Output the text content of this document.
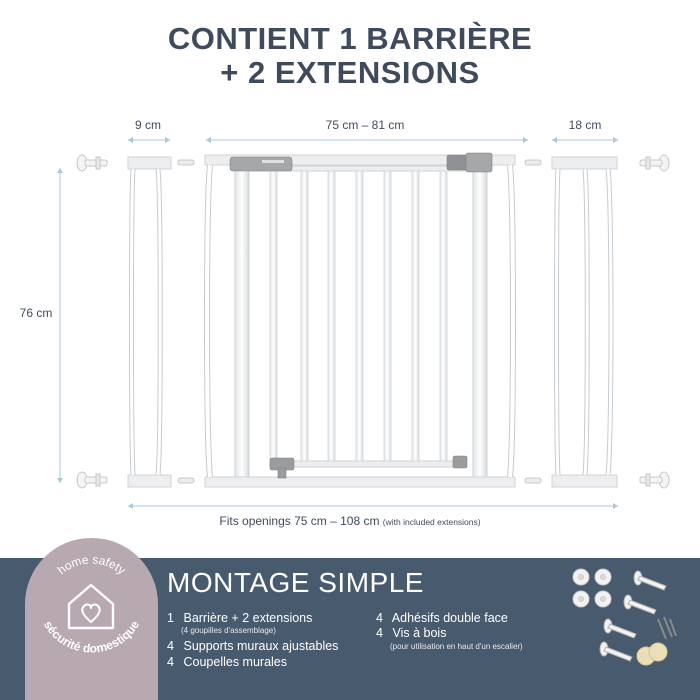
CONTIENT 1 BARRIÈRE
+ 2 EXTENSIONS
9 cm	75 cm – 81 cm	18 cm
76 cm
Fits openings 75 cm – 108 cm (with included extensions)
home safety
sécurité domestique
MONTAGE SIMPLE
1 Barrière + 2 extensions
(4 goupilles d'assemblage)
4 Supports muraux ajustables
4 Coupelles murales
4 Adhésifs double face
4 Vis à bois
(pour utilisation en haut d'un escalier)
